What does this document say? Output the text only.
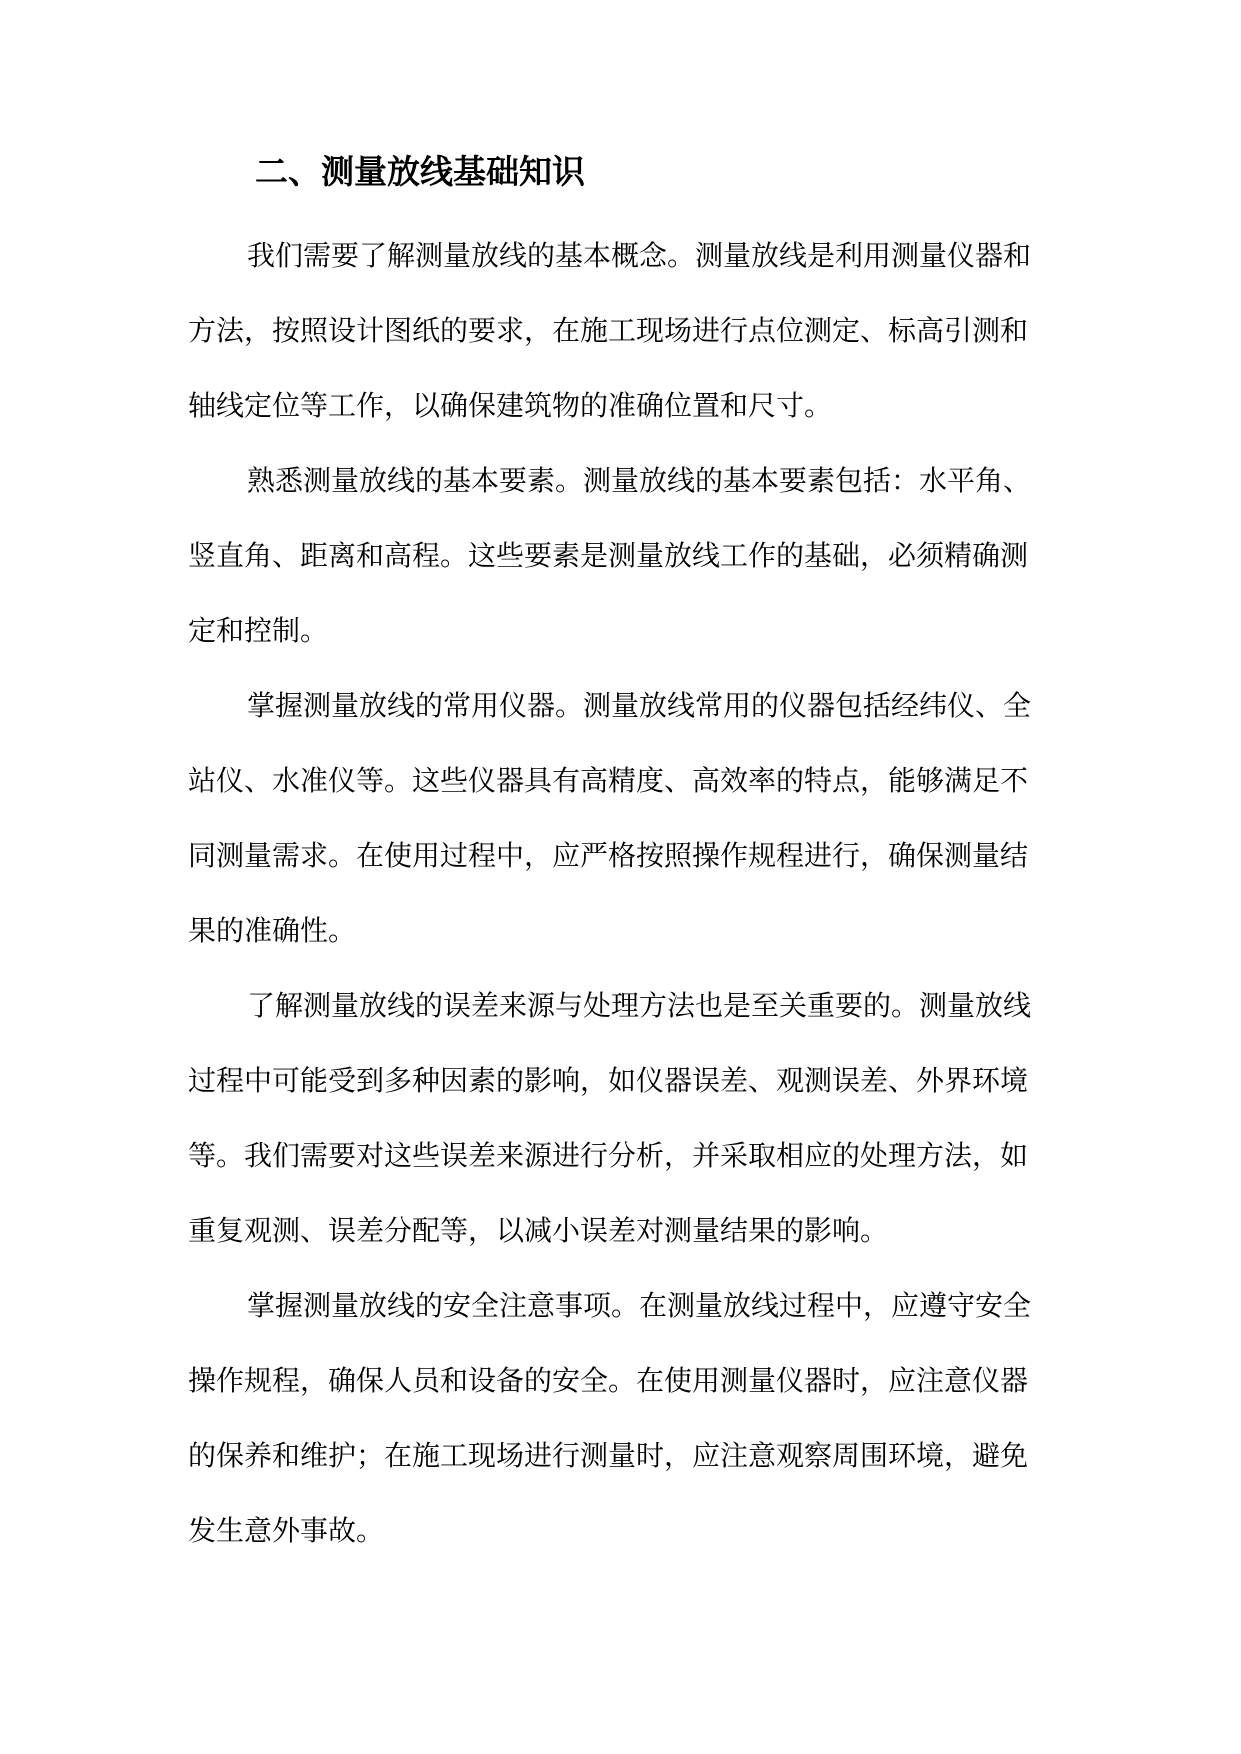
二、测量放线基础知识
我们需要了解测量放线的基本概念。测量放线是利用测量仪器和
方法，按照设计图纸的要求，在施工现场进行点位测定、标高引测和
轴线定位等工作，以确保建筑物的准确位置和尺寸。
熟悉测量放线的基本要素。测量放线的基本要素包括：水平角、
竖直角、距离和高程。这些要素是测量放线工作的基础，必须精确测
定和控制。
掌握测量放线的常用仪器。测量放线常用的仪器包括经纬仪、全
站仪、水准仪等。这些仪器具有高精度、高效率的特点，能够满足不
同测量需求。在使用过程中，应严格按照操作规程进行，确保测量结
果的准确性。
了解测量放线的误差来源与处理方法也是至关重要的。测量放线
过程中可能受到多种因素的影响，如仪器误差、观测误差、外界环境
等。我们需要对这些误差来源进行分析，并采取相应的处理方法，如
重复观测、误差分配等，以减小误差对测量结果的影响。
掌握测量放线的安全注意事项。在测量放线过程中，应遵守安全
操作规程，确保人员和设备的安全。在使用测量仪器时，应注意仪器
的保养和维护；在施工现场进行测量时，应注意观察周围环境，避免
发生意外事故。
